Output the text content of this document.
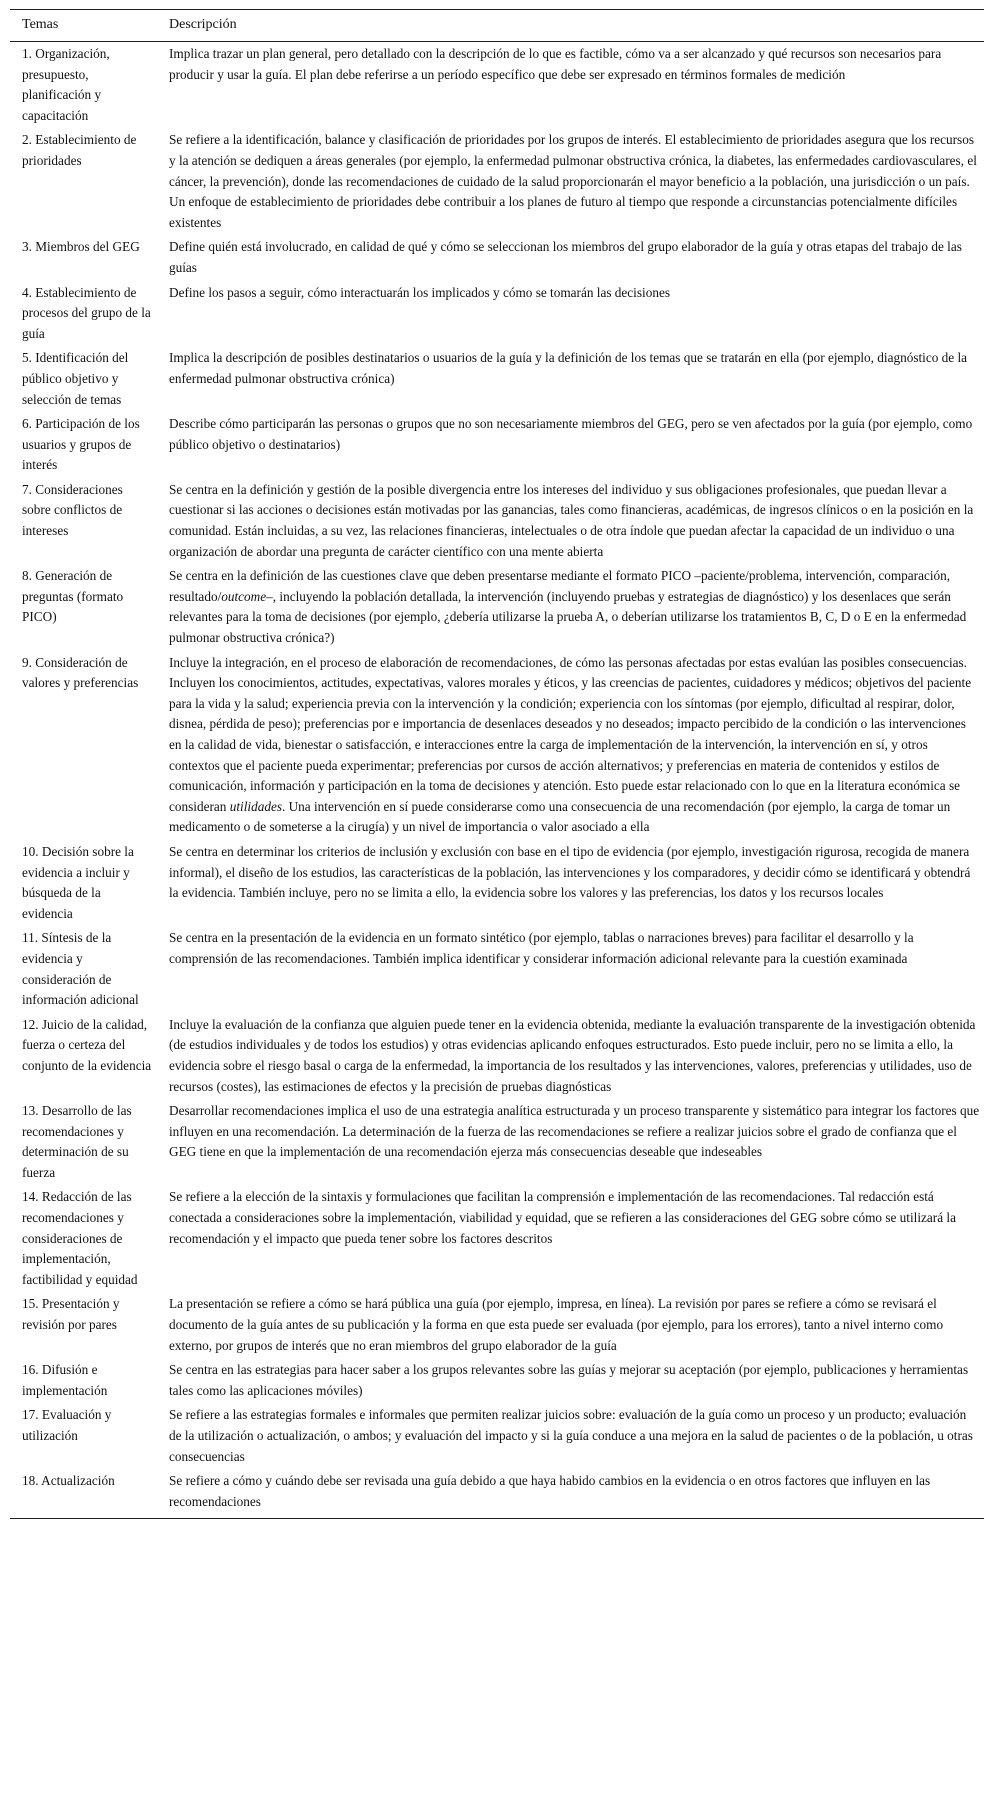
Temas	Descripción
1. Organización, presupuesto, planificación y capacitación	Implica trazar un plan general, pero detallado con la descripción de lo que es factible, cómo va a ser alcanzado y qué recursos son necesarios para producir y usar la guía. El plan debe referirse a un período específico que debe ser expresado en términos formales de medición
2. Establecimiento de prioridades	Se refiere a la identificación, balance y clasificación de prioridades por los grupos de interés. El establecimiento de prioridades asegura que los recursos y la atención se dediquen a áreas generales (por ejemplo, la enfermedad pulmonar obstructiva crónica, la diabetes, las enfermedades cardiovasculares, el cáncer, la prevención), donde las recomendaciones de cuidado de la salud proporcionarán el mayor beneficio a la población, una jurisdicción o un país. Un enfoque de establecimiento de prioridades debe contribuir a los planes de futuro al tiempo que responde a circunstancias potencialmente difíciles existentes
3. Miembros del GEG	Define quién está involucrado, en calidad de qué y cómo se seleccionan los miembros del grupo elaborador de la guía y otras etapas del trabajo de las guías
4. Establecimiento de procesos del grupo de la guía	Define los pasos a seguir, cómo interactuarán los implicados y cómo se tomarán las decisiones
5. Identificación del público objetivo y selección de temas	Implica la descripción de posibles destinatarios o usuarios de la guía y la definición de los temas que se tratarán en ella (por ejemplo, diagnóstico de la enfermedad pulmonar obstructiva crónica)
6. Participación de los usuarios y grupos de interés	Describe cómo participarán las personas o grupos que no son necesariamente miembros del GEG, pero se ven afectados por la guía (por ejemplo, como público objetivo o destinatarios)
7. Consideraciones sobre conflictos de intereses	Se centra en la definición y gestión de la posible divergencia entre los intereses del individuo y sus obligaciones profesionales, que puedan llevar a cuestionar si las acciones o decisiones están motivadas por las ganancias, tales como financieras, académicas, de ingresos clínicos o en la posición en la comunidad. Están incluidas, a su vez, las relaciones financieras, intelectuales o de otra índole que puedan afectar la capacidad de un individuo o una organización de abordar una pregunta de carácter científico con una mente abierta
8. Generación de preguntas (formato PICO)	Se centra en la definición de las cuestiones clave que deben presentarse mediante el formato PICO –paciente/problema, intervención, comparación, resultado/outcome–, incluyendo la población detallada, la intervención (incluyendo pruebas y estrategias de diagnóstico) y los desenlaces que serán relevantes para la toma de decisiones (por ejemplo, ¿debería utilizarse la prueba A, o deberían utilizarse los tratamientos B, C, D o E en la enfermedad pulmonar obstructiva crónica?)
9. Consideración de valores y preferencias	Incluye la integración, en el proceso de elaboración de recomendaciones, de cómo las personas afectadas por estas evalúan las posibles consecuencias. Incluyen los conocimientos, actitudes, expectativas, valores morales y éticos, y las creencias de pacientes, cuidadores y médicos; objetivos del paciente para la vida y la salud; experiencia previa con la intervención y la condición; experiencia con los síntomas (por ejemplo, dificultad al respirar, dolor, disnea, pérdida de peso); preferencias por e importancia de desenlaces deseados y no deseados; impacto percibido de la condición o las intervenciones en la calidad de vida, bienestar o satisfacción, e interacciones entre la carga de implementación de la intervención, la intervención en sí, y otros contextos que el paciente pueda experimentar; preferencias por cursos de acción alternativos; y preferencias en materia de contenidos y estilos de comunicación, información y participación en la toma de decisiones y atención. Esto puede estar relacionado con lo que en la literatura económica se consideran utilidades. Una intervención en sí puede considerarse como una consecuencia de una recomendación (por ejemplo, la carga de tomar un medicamento o de someterse a la cirugía) y un nivel de importancia o valor asociado a ella
10. Decisión sobre la evidencia a incluir y búsqueda de la evidencia	Se centra en determinar los criterios de inclusión y exclusión con base en el tipo de evidencia (por ejemplo, investigación rigurosa, recogida de manera informal), el diseño de los estudios, las características de la población, las intervenciones y los comparadores, y decidir cómo se identificará y obtendrá la evidencia. También incluye, pero no se limita a ello, la evidencia sobre los valores y las preferencias, los datos y los recursos locales
11. Síntesis de la evidencia y consideración de información adicional	Se centra en la presentación de la evidencia en un formato sintético (por ejemplo, tablas o narraciones breves) para facilitar el desarrollo y la comprensión de las recomendaciones. También implica identificar y considerar información adicional relevante para la cuestión examinada
12. Juicio de la calidad, fuerza o certeza del conjunto de la evidencia	Incluye la evaluación de la confianza que alguien puede tener en la evidencia obtenida, mediante la evaluación transparente de la investigación obtenida (de estudios individuales y de todos los estudios) y otras evidencias aplicando enfoques estructurados. Esto puede incluir, pero no se limita a ello, la evidencia sobre el riesgo basal o carga de la enfermedad, la importancia de los resultados y las intervenciones, valores, preferencias y utilidades, uso de recursos (costes), las estimaciones de efectos y la precisión de pruebas diagnósticas
13. Desarrollo de las recomendaciones y determinación de su fuerza	Desarrollar recomendaciones implica el uso de una estrategia analítica estructurada y un proceso transparente y sistemático para integrar los factores que influyen en una recomendación. La determinación de la fuerza de las recomendaciones se refiere a realizar juicios sobre el grado de confianza que el GEG tiene en que la implementación de una recomendación ejerza más consecuencias deseable que indeseables
14. Redacción de las recomendaciones y consideraciones de implementación, factibilidad y equidad	Se refiere a la elección de la sintaxis y formulaciones que facilitan la comprensión e implementación de las recomendaciones. Tal redacción está conectada a consideraciones sobre la implementación, viabilidad y equidad, que se refieren a las consideraciones del GEG sobre cómo se utilizará la recomendación y el impacto que pueda tener sobre los factores descritos
15. Presentación y revisión por pares	La presentación se refiere a cómo se hará pública una guía (por ejemplo, impresa, en línea). La revisión por pares se refiere a cómo se revisará el documento de la guía antes de su publicación y la forma en que esta puede ser evaluada (por ejemplo, para los errores), tanto a nivel interno como externo, por grupos de interés que no eran miembros del grupo elaborador de la guía
16. Difusión e implementación	Se centra en las estrategias para hacer saber a los grupos relevantes sobre las guías y mejorar su aceptación (por ejemplo, publicaciones y herramientas tales como las aplicaciones móviles)
17. Evaluación y utilización	Se refiere a las estrategias formales e informales que permiten realizar juicios sobre: evaluación de la guía como un proceso y un producto; evaluación de la utilización o actualización, o ambos; y evaluación del impacto y si la guía conduce a una mejora en la salud de pacientes o de la población, u otras consecuencias
18. Actualización	Se refiere a cómo y cuándo debe ser revisada una guía debido a que haya habido cambios en la evidencia o en otros factores que influyen en las recomendaciones
